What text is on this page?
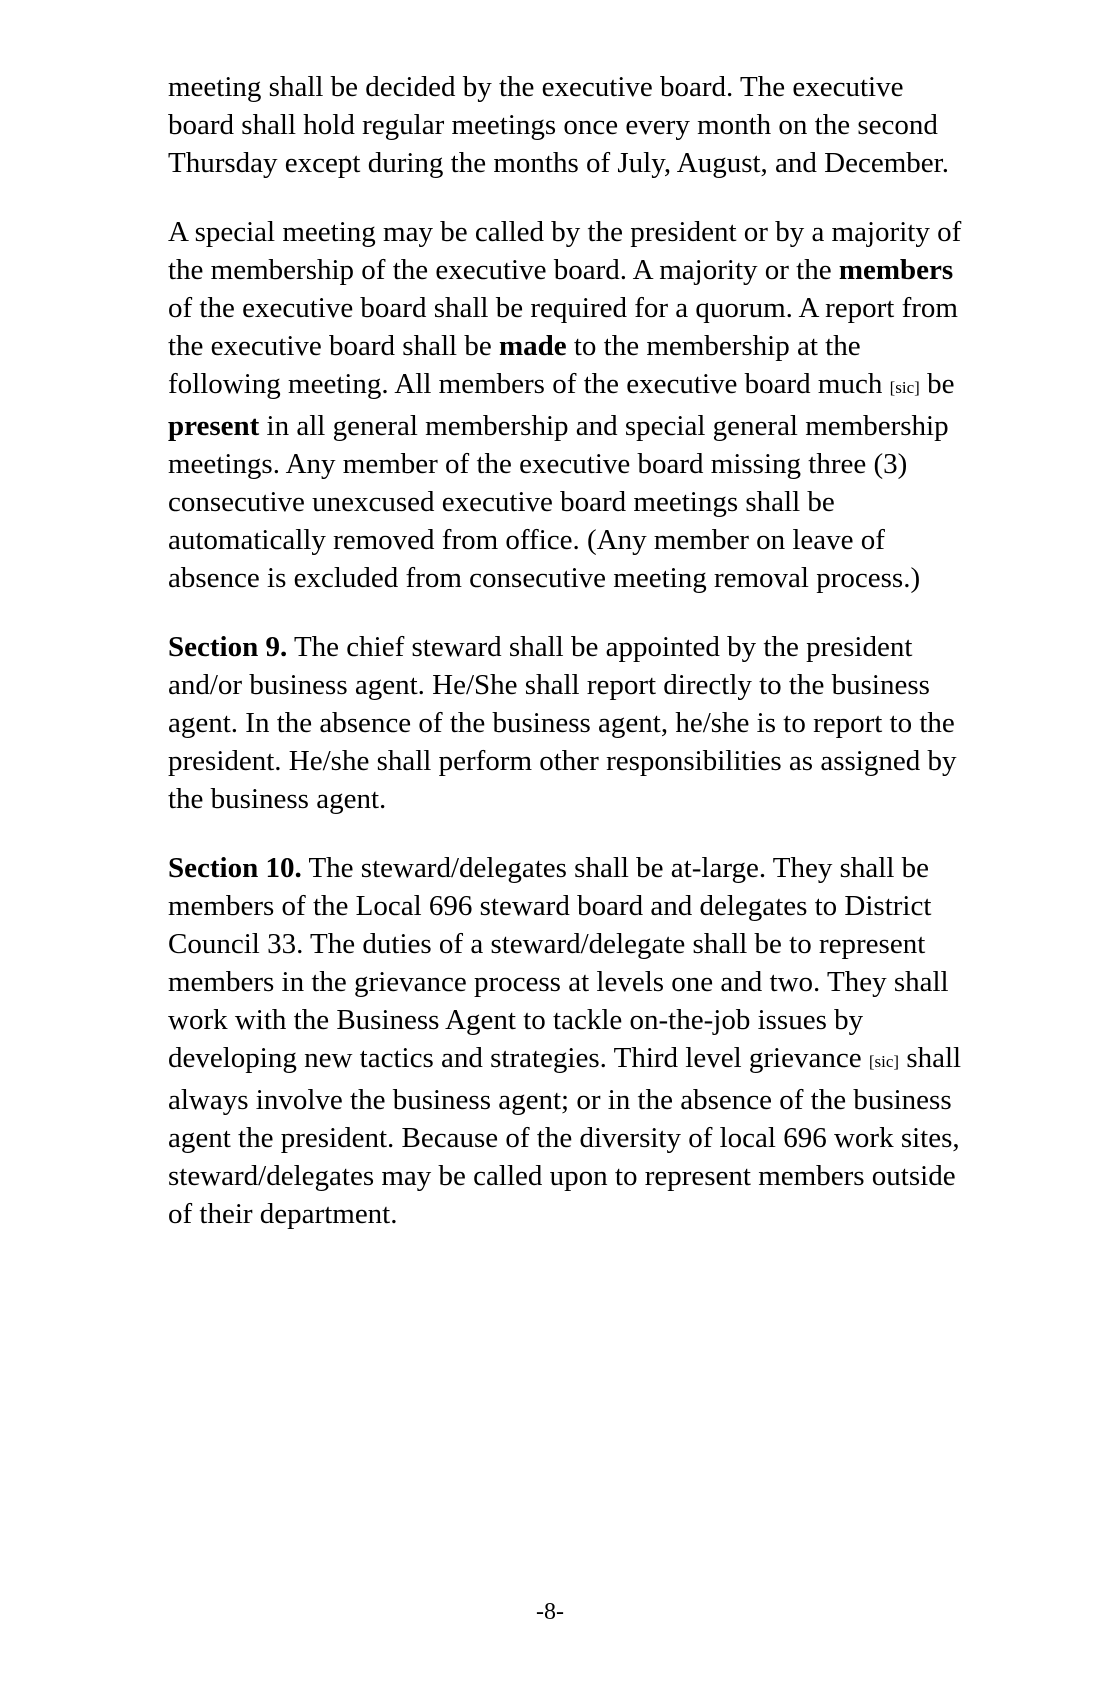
meeting shall be decided by the executive board. The executive board shall hold regular meetings once every month on the second Thursday except during the months of July, August, and December.

A special meeting may be called by the president or by a majority of the membership of the executive board. A majority or the members of the executive board shall be required for a quorum. A report from the executive board shall be made to the membership at the following meeting. All members of the executive board much [sic] be present in all general membership and special general membership meetings. Any member of the executive board missing three (3) consecutive unexcused executive board meetings shall be automatically removed from office. (Any member on leave of absence is excluded from consecutive meeting removal process.)

Section 9. The chief steward shall be appointed by the president and/or business agent. He/She shall report directly to the business agent. In the absence of the business agent, he/she is to report to the president. He/she shall perform other responsibilities as assigned by the business agent.

Section 10. The steward/delegates shall be at-large. They shall be members of the Local 696 steward board and delegates to District Council 33. The duties of a steward/delegate shall be to represent members in the grievance process at levels one and two. They shall work with the Business Agent to tackle on-the-job issues by developing new tactics and strategies. Third level grievance [sic] shall always involve the business agent; or in the absence of the business agent the president. Because of the diversity of local 696 work sites, steward/delegates may be called upon to represent members outside of their department.

-8-
